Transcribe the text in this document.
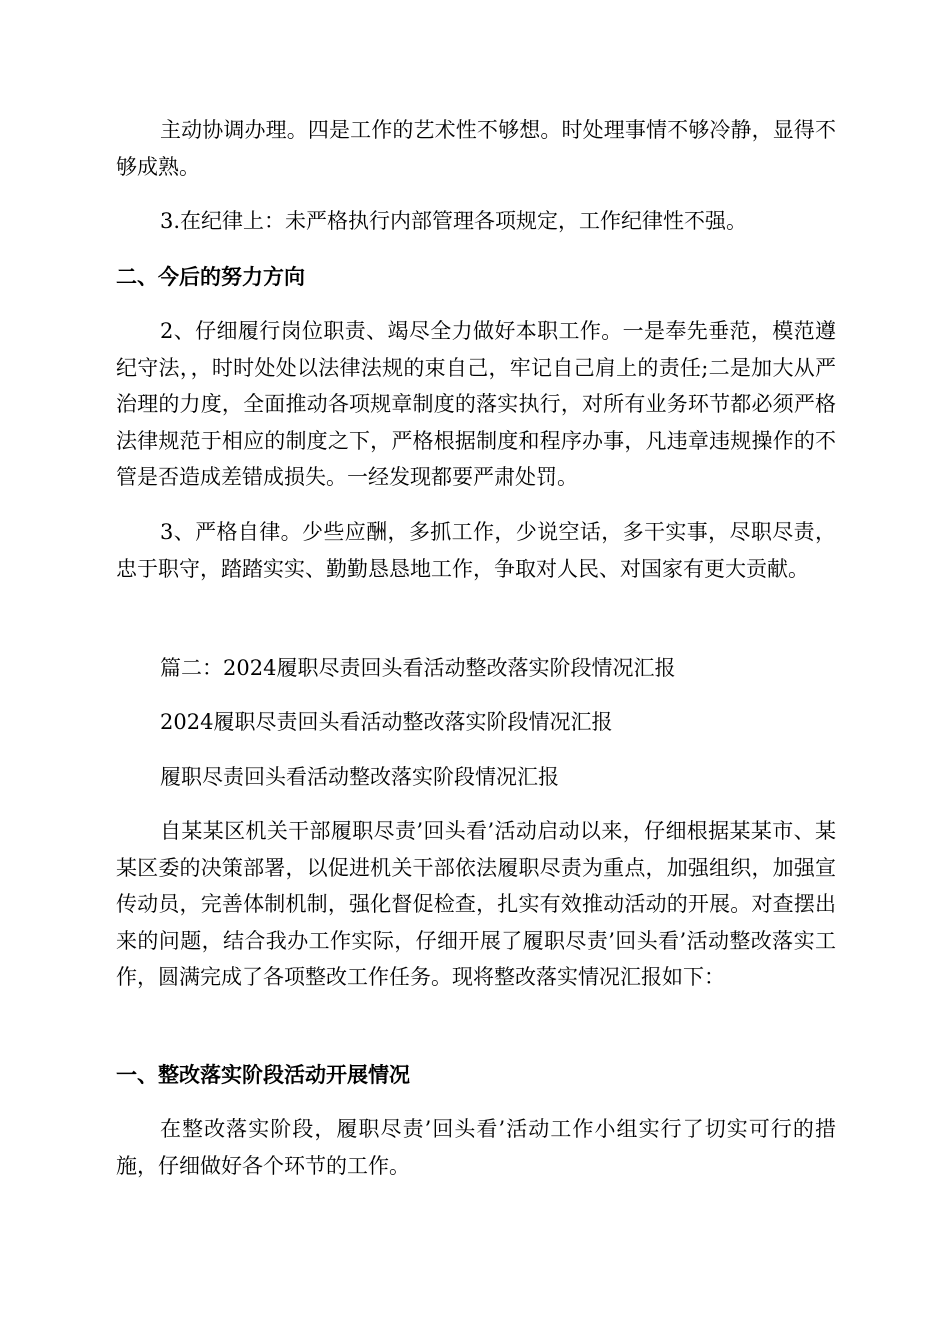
主动协调办理。四是工作的艺术性不够想。时处理事情不够冷静，显得不够成熟。

3.在纪律上：未严格执行内部管理各项规定，工作纪律性不强。

二、今后的努力方向

2、仔细履行岗位职责、竭尽全力做好本职工作。一是奉先垂范，模范遵纪守法，，时时处处以法律法规的束自己，牢记自己肩上的责任;二是加大从严治理的力度，全面推动各项规章制度的落实执行，对所有业务环节都必须严格法律规范于相应的制度之下，严格根据制度和程序办事，凡违章违规操作的不管是否造成差错成损失。一经发现都要严肃处罚。

3、严格自律。少些应酬，多抓工作，少说空话，多干实事，尽职尽责，忠于职守，踏踏实实、勤勤恳恳地工作，争取对人民、对国家有更大贡献。

篇二：2024履职尽责回头看活动整改落实阶段情况汇报

2024履职尽责回头看活动整改落实阶段情况汇报

履职尽责回头看活动整改落实阶段情况汇报

自某某区机关干部履职尽责’回头看’活动启动以来，仔细根据某某市、某某区委的决策部署，以促进机关干部依法履职尽责为重点，加强组织，加强宣传动员，完善体制机制，强化督促检查，扎实有效推动活动的开展。对查摆出来的问题，结合我办工作实际，仔细开展了履职尽责’回头看’活动整改落实工作，圆满完成了各项整改工作任务。现将整改落实情况汇报如下：

一、整改落实阶段活动开展情况

在整改落实阶段，履职尽责’回头看’活动工作小组实行了切实可行的措施，仔细做好各个环节的工作。
